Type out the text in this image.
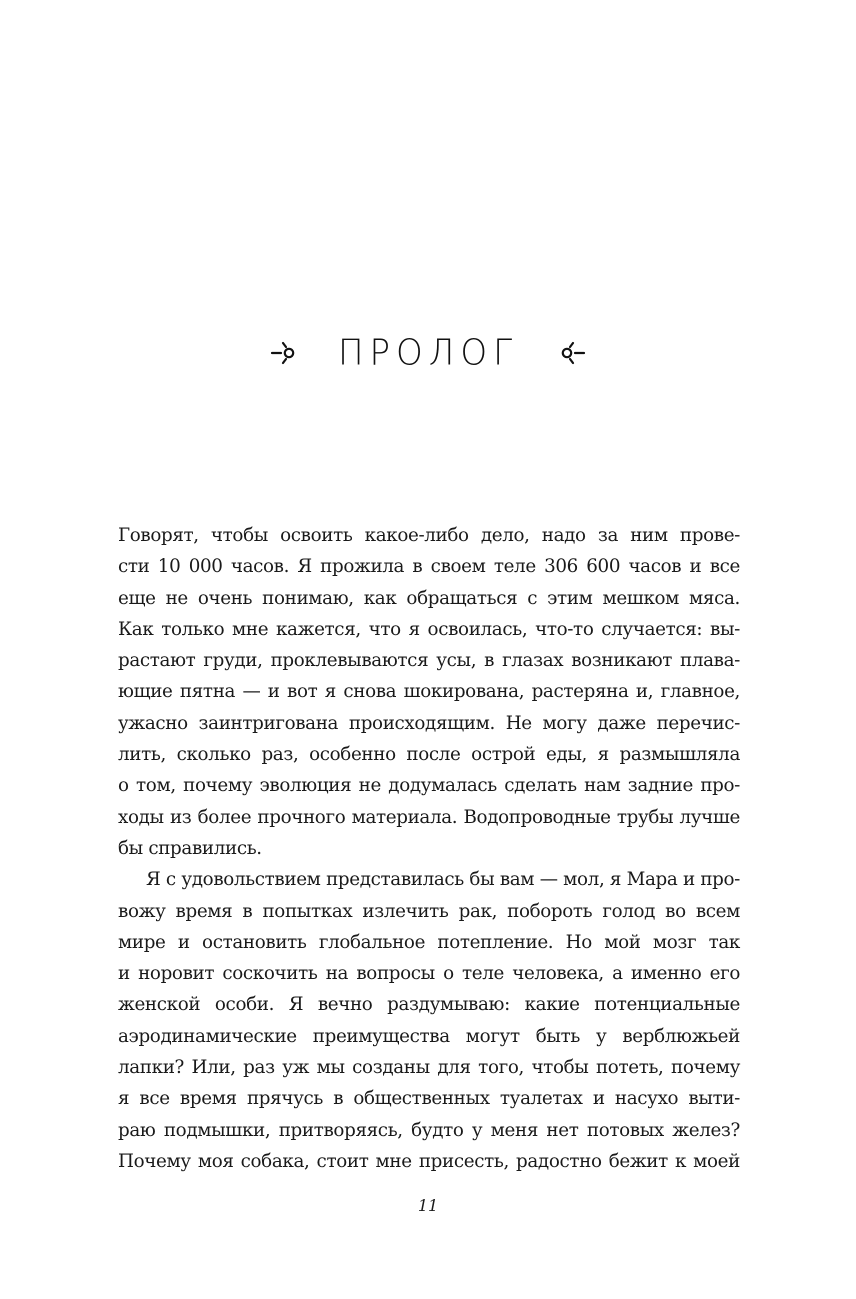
ПРОЛОГ
Говорят, чтобы освоить какое-либо дело, надо за ним прове-
сти 10 000 часов. Я прожила в своем теле 306 600 часов и все
еще не очень понимаю, как обращаться с этим мешком мяса.
Как только мне кажется, что я освоилась, что-то случается: вы-
растают груди, проклевываются усы, в глазах возникают плава-
ющие пятна — и вот я снова шокирована, растеряна и, главное,
ужасно заинтригована происходящим. Не могу даже перечис-
лить, сколько раз, особенно после острой еды, я размышляла
о том, почему эволюция не додумалась сделать нам задние про-
ходы из более прочного материала. Водопроводные трубы лучше
бы справились.
Я с удовольствием представилась бы вам — мол, я Мара и про-
вожу время в попытках излечить рак, побороть голод во всем
мире и остановить глобальное потепление. Но мой мозг так
и норовит соскочить на вопросы о теле человека, а именно его
женской особи. Я вечно раздумываю: какие потенциальные
аэродинамические преимущества могут быть у верблюжьей
лапки? Или, раз уж мы созданы для того, чтобы потеть, почему
я все время прячусь в общественных туалетах и насухо выти-
раю подмышки, притворяясь, будто у меня нет потовых желез?
Почему моя собака, стоит мне присесть, радостно бежит к моей
11
